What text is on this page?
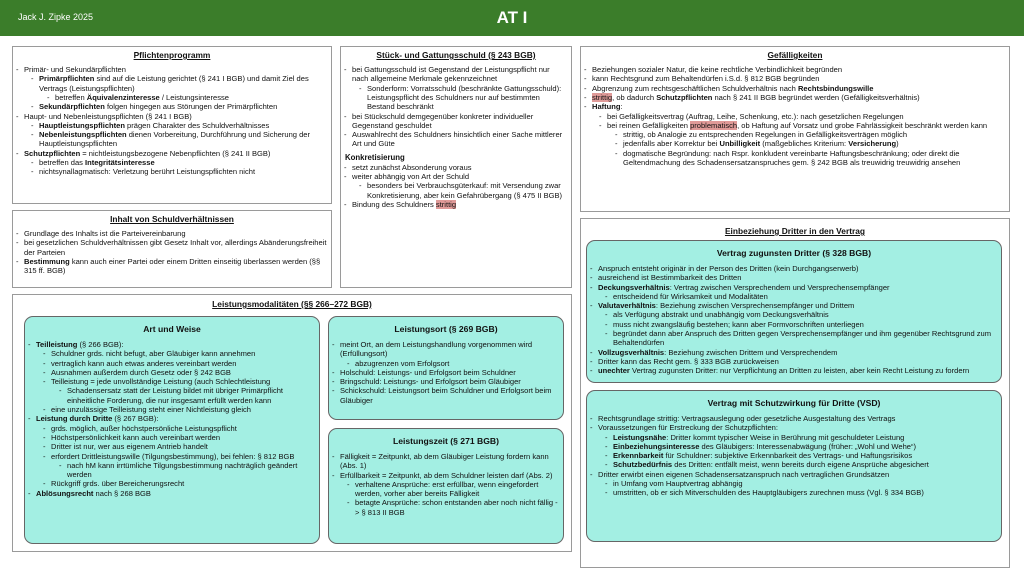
Jack J. Zipke 2025	AT I
Pflichtenprogramm
- Primär- und Sekundärpflichten
- Primärpflichten sind auf die Leistung gerichtet (§ 241 I BGB) und damit Ziel des Vertrags (Leistungspflichten)
- betreffen Äquivalenzinteresse / Leistungsinteresse
- Sekundärpflichten folgen hingegen aus Störungen der Primärpflichten
- Haupt- und Nebenleistungspflichten (§ 241 I BGB)
- Hauptleistungspflichten prägen Charakter des Schuldverhältnisses
- Nebenleistungspflichten dienen Vorbereitung, Durchführung und Sicherung der Hauptleistungspflichten
- Schutzpflichten = nichtleistungsbezogene Nebenpflichten (§ 241 II BGB)
- betreffen das Integritätsinteresse
- nichtsynallagmatisch: Verletzung berührt Leistungspflichten nicht
Inhalt von Schuldverhältnissen
- Grundlage des Inhalts ist die Parteivereinbarung
- bei gesetzlichen Schuldverhältnissen gibt Gesetz Inhalt vor, allerdings Abänderungsfreiheit der Parteien
- Bestimmung kann auch einer Partei oder einem Dritten einseitig überlassen werden (§§ 315 ff. BGB)
Stück- und Gattungsschuld (§ 243 BGB)
- bei Gattungsschuld ist Gegenstand der Leistungspflicht nur nach allgemeine Merkmale gekennzeichnet
- Sonderform: Vorratsschuld (beschränkte Gattungsschuld): Leistungspflicht des Schuldners nur auf bestimmten Bestand beschränkt
- bei Stückschuld demgegenüber konkreter individueller Gegenstand geschuldet
- Auswahlrecht des Schuldners hinsichtlich einer Sache mittlerer Art und Güte
Konkretisierung
- setzt zunächst Absonderung voraus
- weiter abhängig von Art der Schuld
- besonders bei Verbrauchsgüterkauf: mit Versendung zwar Konkretisierung, aber kein Gefahrübergang (§ 475 II BGB)
- Bindung des Schuldners strittig
Gefälligkeiten
- Beziehungen sozialer Natur, die keine rechtliche Verbindlichkeit begründen
- kann Rechtsgrund zum Behaltendürfen i.S.d. § 812 BGB begründen
- Abgrenzung zum rechtsgeschäftlichen Schuldverhältnis nach Rechtsbindungswille
- strittig, ob dadurch Schutzpflichten nach § 241 II BGB begründet werden (Gefälligkeitsverhältnis)
- Haftung:
- bei Gefälligkeitsvertrag (Auftrag, Leihe, Schenkung, etc.): nach gesetzlichen Regelungen
- bei reinen Gefälligkeiten problematisch, ob Haftung auf Vorsatz und grobe Fahrlässigkeit beschränkt werden kann
- strittig, ob Analogie zu entsprechenden Regelungen in Gefälligkeitsverträgen möglich
- jedenfalls aber Korrektur bei Unbilligkeit (maßgebliches Kriterium: Versicherung)
- dogmatische Begründung: nach Rspr. konkludent vereinbarte Haftungsbeschränkung; oder direkt die Geltendmachung des Schadensersatzanspruches gem. § 242 BGB als treuwidrig treuwidrig ansehen
Einbeziehung Dritter in den Vertrag
Vertrag zugunsten Dritter (§ 328 BGB)
- Anspruch entsteht originär in der Person des Dritten (kein Durchgangserwerb)
- ausreichend ist Bestimmbarkeit des Dritten
- Deckungsverhältnis: Vertrag zwischen Versprechendem und Versprechensempfänger
- entscheidend für Wirksamkeit und Modalitäten
- Valutaverhältnis: Beziehung zwischen Versprechensempfänger und Drittem
- als Verfügung abstrakt und unabhängig vom Deckungsverhältnis
- muss nicht zwangsläufig bestehen; kann aber Formvorschriften unterliegen
- begründet dann aber Anspruch des Dritten gegen Versprechensempfänger und ihm gegenüber Rechtsgrund zum Behaltendürfen
- Vollzugsverhältnis: Beziehung zwischen Drittem und Versprechendem
- Dritter kann das Recht gem. § 333 BGB zurückweisen
- unechter Vertrag zugunsten Dritter: nur Verpflichtung an Dritten zu leisten, aber kein Recht Leistung zu fordern
Vertrag mit Schutzwirkung für Dritte (VSD)
- Rechtsgrundlage strittig: Vertragsauslegung oder gesetzliche Ausgestaltung des Vertrags
- Voraussetzungen für Erstreckung der Schutzpflichten:
- Leistungsnähe: Dritter kommt typischer Weise in Berührung mit geschuldeter Leistung
- Einbeziehungsinteresse des Gläubigers: Interessenabwägung (früher: „Wohl und Wehe“)
- Erkennbarkeit für Schuldner: subjektive Erkennbarkeit des Vertrags- und Haftungsrisikos
- Schutzbedürfnis des Dritten: entfällt meist, wenn bereits durch eigene Ansprüche abgesichert
- Dritter erwirbt einen eigenen Schadensersatzanspruch nach vertraglichen Grundsätzen
- in Umfang vom Hauptvertrag abhängig
- umstritten, ob er sich Mitverschulden des Hauptgläubigers zurechnen muss (Vgl. § 334 BGB)
Leistungsmodalitäten (§§ 266–272 BGB)
Art und Weise
- Teilleistung (§ 266 BGB):
- Schuldner grds. nicht befugt, aber Gläubiger kann annehmen
- vertraglich kann auch etwas anderes vereinbart werden
- Ausnahmen außerdem durch Gesetz oder § 242 BGB
- Teilleistung = jede unvollständige Leistung (auch Schlechtleistung
- Schadensersatz statt der Leistung bildet mit übriger Primärpflicht einheitliche Forderung, die nur insgesamt erfüllt werden kann
- eine unzulässige Teilleistung steht einer Nichtleistung gleich
- Leistung durch Dritte (§ 267 BGB):
- grds. möglich, außer höchstpersönliche Leistungspflicht
- Höchstpersönlichkeit kann auch vereinbart werden
- Dritter ist nur, wer aus eigenem Antrieb handelt
- erfordert Drittleistungswille (Tilgungsbestimmung), bei fehlen: § 812 BGB
- nach hM kann irrtümliche Tilgungsbestimmung nachträglich geändert werden
- Rückgriff grds. über Bereicherungsrecht
- Ablösungsrecht nach § 268 BGB
Leistungsort (§ 269 BGB)
- meint Ort, an dem Leistungshandlung vorgenommen wird (Erfüllungsort)
- abzugrenzen vom Erfolgsort
- Holschuld: Leistungs- und Erfolgsort beim Schuldner
- Bringschuld: Leistungs- und Erfolgsort beim Gläubiger
- Schickschuld: Leistungsort beim Schuldner und Erfolgsort beim Gläubiger
Leistungszeit (§ 271 BGB)
- Fälligkeit = Zeitpunkt, ab dem Gläubiger Leistung fordern kann (Abs. 1)
- Erfüllbarkeit = Zeitpunkt, ab dem Schuldner leisten darf (Abs. 2)
- verhaltene Ansprüche: erst erfüllbar, wenn eingefordert werden, vorher aber bereits Fälligkeit
- betagte Ansprüche: schon entstanden aber noch nicht fällig -> § 813 II BGB
